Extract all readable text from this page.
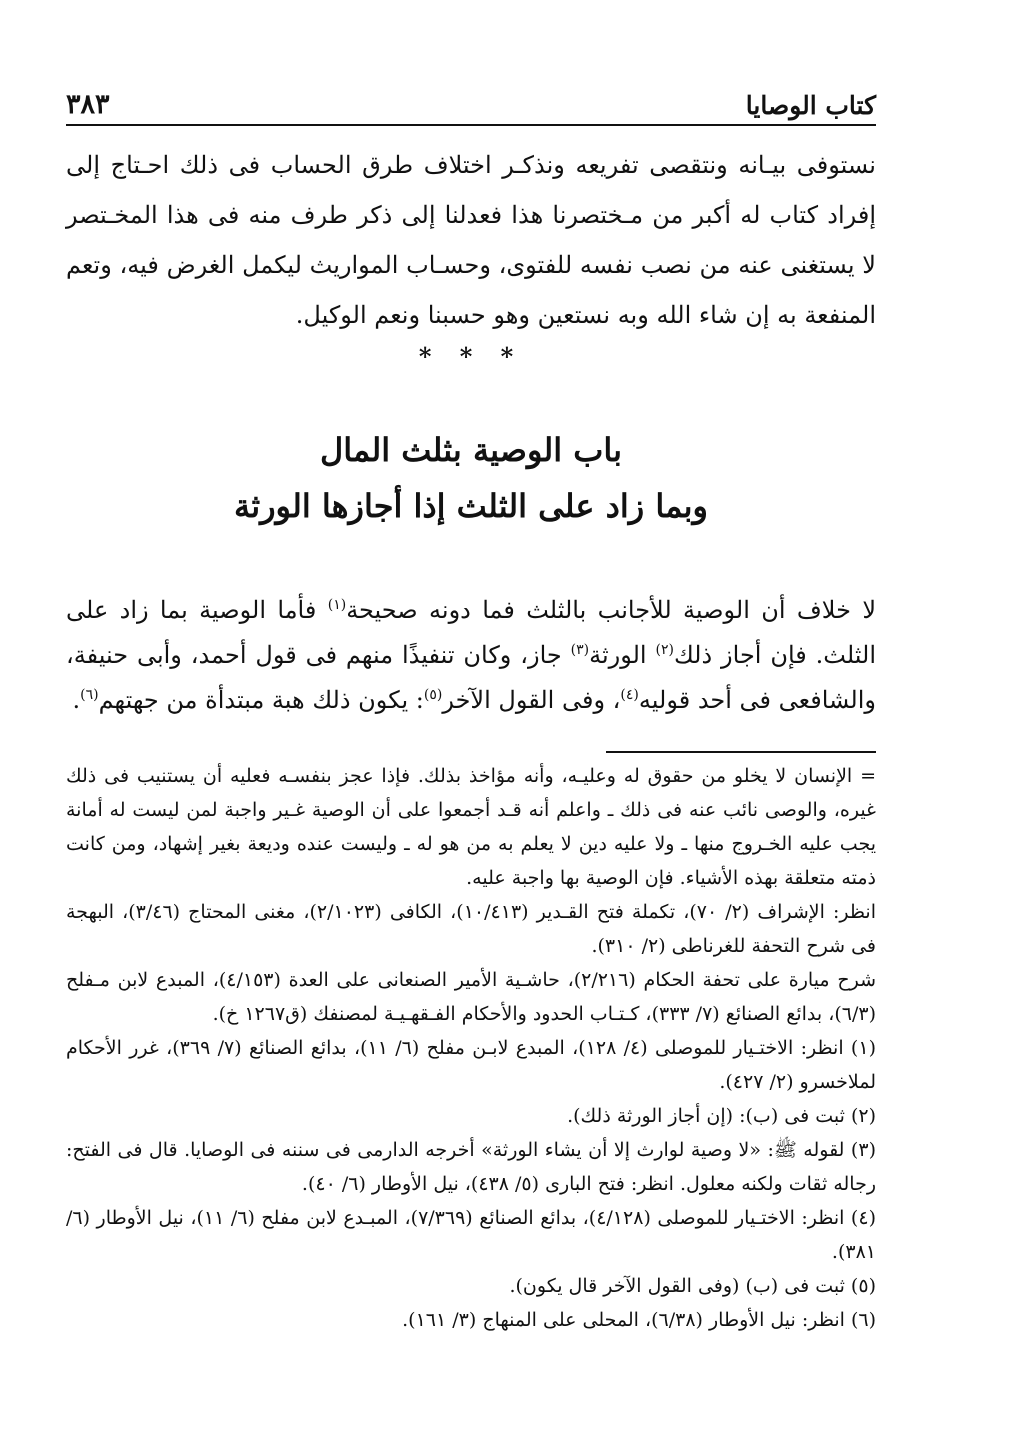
كتاب الوصايا
٣٨٣

نستوفى بيـانه ونتقصى تفريعه ونذكـر اختلاف طرق الحساب فى ذلك احـتاج إلى إفراد كتاب له أكبر من مـختصرنا هذا فعدلنا إلى ذكر طرف منه فى هذا المخـتصر لا يستغنى عنه من نصب نفسه للفتوى، وحسـاب المواريث ليكمل الغرض فيه، وتعم المنفعة به إن شاء الله وبه نستعين وهو حسبنا ونعم الوكيل.

* * *
باب الوصية بثلث المال
وبما زاد على الثلث إذا أجازها الورثة

لا خلاف أن الوصية للأجانب بالثلث فما دونه صحيحة$^{(١)}$ فأما الوصية بما زاد على الثلث. فإن أجاز ذلك$^{(٢)}$ الورثة$^{(٣)}$ جاز، وكان تنفيذًا منهم فى قول أحمد، وأبى حنيفة، والشافعى فى أحد قوليه$^{(٤)}$، وفى القول الآخر$^{(٥)}$: يكون ذلك هبة مبتدأة من جهتهم$^{(٦)}$.

= الإنسان لا يخلو من حقوق له وعليـه، وأنه مؤاخذ بذلك. فإذا عجز بنفسـه فعليه أن يستنيب فى ذلك غيره، والوصى نائب عنه فى ذلك ـ واعلم أنه قـد أجمعوا على أن الوصية غـير واجبة لمن ليست له أمانة يجب عليه الخـروج منها ـ ولا عليه دين لا يعلم به من هو له ـ وليست عنده وديعة بغير إشهاد، ومن كانت ذمته متعلقة بهذه الأشياء. فإن الوصية بها واجبة عليه.

انظر: الإشراف (٢/ ٧٠)، تكملة فتح القـدير (١٠/٤١٣)، الكافى (٢/١٠٢٣)، مغنى المحتاج (٣/٤٦)، البهجة فى شرح التحفة للغرناطى (٢/ ٣١٠).

شرح ميارة على تحفة الحكام (٢/٢١٦)، حاشـية الأمير الصنعانى على العدة (٤/١٥٣)، المبدع لابن مـفلح (٦/٣)، بدائع الصنائع (٧/ ٣٣٣)، كـتـاب الحدود والأحكام الفـقهـيـة لمصنفك (ق١٢٦٧ خ).

(١) انظر: الاختـيار للموصلى (٤/ ١٢٨)، المبدع لابـن مفلح (٦/ ١١)، بدائع الصنائع (٧/ ٣٦٩)، غرر الأحكام لملاخسرو (٢/ ٤٢٧).

(٢) ثبت فى (ب): (إن أجاز الورثة ذلك).

(٣) لقوله ﷺ: «لا وصية لوارث إلا أن يشاء الورثة» أخرجه الدارمى فى سننه فى الوصايا. قال فى الفتح: رجاله ثقات ولكنه معلول. انظر: فتح البارى (٥/ ٤٣٨)، نيل الأوطار (٦/ ٤٠).

(٤) انظر: الاختـيار للموصلى (٤/١٢٨)، بدائع الصنائع (٧/٣٦٩)، المبـدع لابن مفلح (٦/ ١١)، نيل الأوطار (٦/ ٣٨١).

(٥) ثبت فى (ب) (وفى القول الآخر قال يكون).

(٦) انظر: نيل الأوطار (٦/٣٨)، المحلى على المنهاج (٣/ ١٦١).
